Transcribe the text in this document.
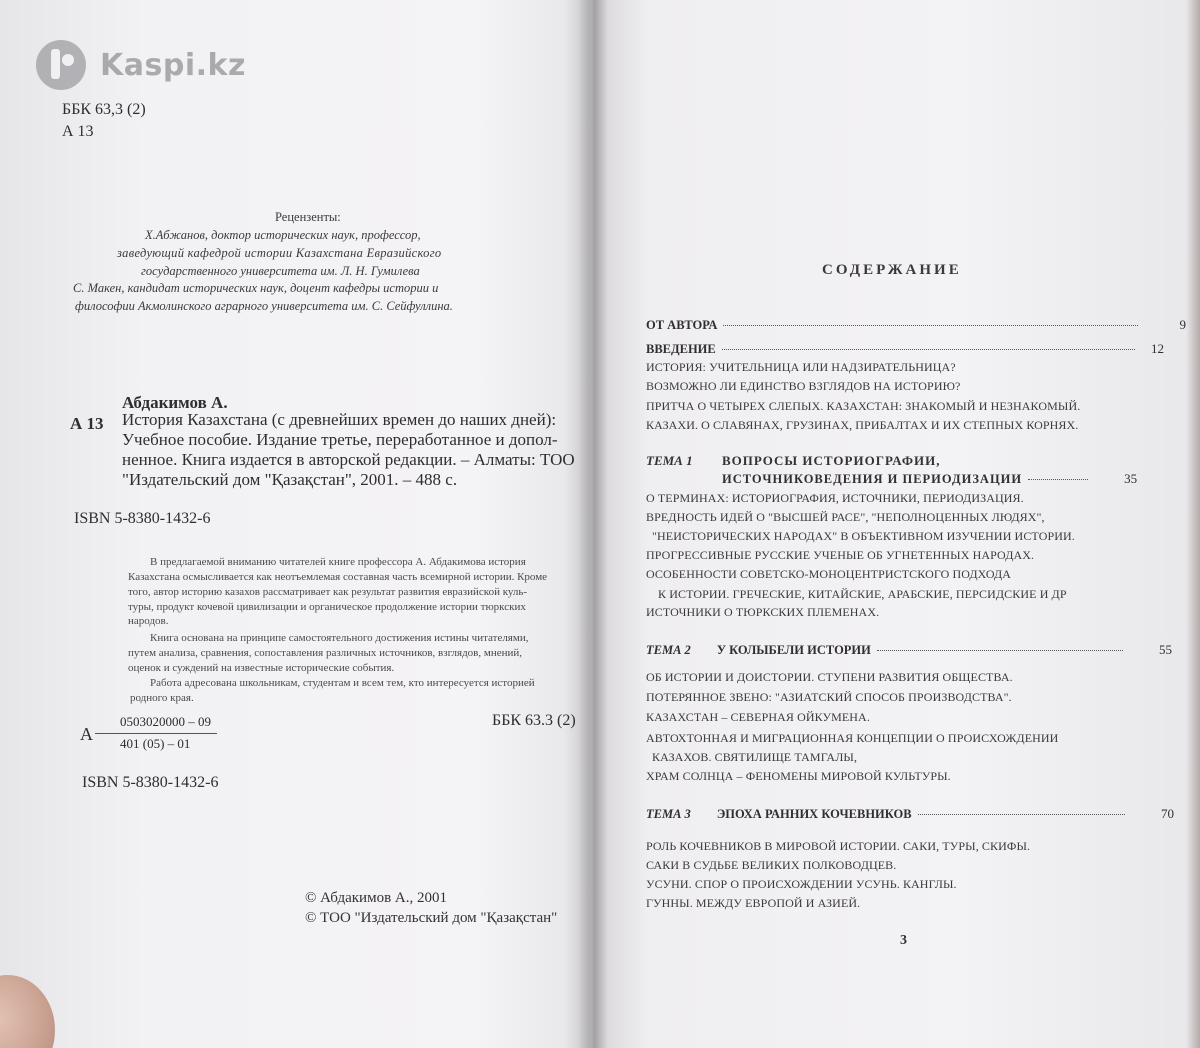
Kaspi.kz
ББК 63,3 (2)
А 13
Рецензенты:
Х.Абжанов, доктор исторических наук, профессор,
заведующий кафедрой истории Казахстана Евразийского
государственного университета им. Л. Н. Гумилева
С. Макен, кандидат исторических наук, доцент кафедры истории и
философии Акмолинского аграрного университета им. С. Сейфуллина.
Абдакимов А.
А 13 История Казахстана (с древнейших времен до наших дней):
Учебное пособие. Издание третье, переработанное и допол-
ненное. Книга издается в авторской редакции. – Алматы: ТОО
"Издательский дом "Қазақстан", 2001. – 488 с.
ISBN 5-8380-1432-6
В предлагаемой вниманию читателей книге профессора А. Абдакимова история
Казахстана осмысливается как неотъемлемая составная часть всемирной истории. Кроме
того, автор историю казахов рассматривает как результат развития евразийской куль-
туры, продукт кочевой цивилизации и органическое продолжение истории тюркских
народов.
Книга основана на принципе самостоятельного достижения истины читателями,
путем анализа, сравнения, сопоставления различных источников, взглядов, мнений,
оценок и суждений на известные исторические события.
Работа адресована школьникам, студентам и всем тем, кто интересуется историей
родного края.
А
0503020000 – 09
401 (05) – 01
ББК 63.3 (2)
ISBN 5-8380-1432-6
© Абдакимов А., 2001
© ТОО "Издательский дом "Қазақстан"
СОДЕРЖАНИЕ
ОТ АВТОРА	9
ВВЕДЕНИЕ	12
ИСТОРИЯ: УЧИТЕЛЬНИЦА ИЛИ НАДЗИРАТЕЛЬНИЦА?
ВОЗМОЖНО ЛИ ЕДИНСТВО ВЗГЛЯДОВ НА ИСТОРИЮ?
ПРИТЧА О ЧЕТЫРЕХ СЛЕПЫХ. КАЗАХСТАН: ЗНАКОМЫЙ И НЕЗНАКОМЫЙ.
КАЗАХИ. О СЛАВЯНАХ, ГРУЗИНАХ, ПРИБАЛТАХ И ИХ СТЕПНЫХ КОРНЯХ.
ТЕМА 1 ВОПРОСЫ ИСТОРИОГРАФИИ,
ИСТОЧНИКОВЕДЕНИЯ И ПЕРИОДИЗАЦИИ	35
О ТЕРМИНАХ: ИСТОРИОГРАФИЯ, ИСТОЧНИКИ, ПЕРИОДИЗАЦИЯ.
ВРЕДНОСТЬ ИДЕЙ О "ВЫСШЕЙ РАСЕ", "НЕПОЛНОЦЕННЫХ ЛЮДЯХ",
"НЕИСТОРИЧЕСКИХ НАРОДАХ" В ОБЪЕКТИВНОМ ИЗУЧЕНИИ ИСТОРИИ.
ПРОГРЕССИВНЫЕ РУССКИЕ УЧЕНЫЕ ОБ УГНЕТЕННЫХ НАРОДАХ.
ОСОБЕННОСТИ СОВЕТСКО-МОНОЦЕНТРИСТСКОГО ПОДХОДА
К ИСТОРИИ. ГРЕЧЕСКИЕ, КИТАЙСКИЕ, АРАБСКИЕ, ПЕРСИДСКИЕ И ДР
ИСТОЧНИКИ О ТЮРКСКИХ ПЛЕМЕНАХ.
ТЕМА 2 У КОЛЫБЕЛИ ИСТОРИИ	55
ОБ ИСТОРИИ И ДОИСТОРИИ. СТУПЕНИ РАЗВИТИЯ ОБЩЕСТВА.
ПОТЕРЯННОЕ ЗВЕНО: "АЗИАТСКИЙ СПОСОБ ПРОИЗВОДСТВА".
КАЗАХСТАН – СЕВЕРНАЯ ОЙКУМЕНА.
АВТОХТОННАЯ И МИГРАЦИОННАЯ КОНЦЕПЦИИ О ПРОИСХОЖДЕНИИ
КАЗАХОВ. СВЯТИЛИЩЕ ТАМГАЛЫ,
ХРАМ СОЛНЦА – ФЕНОМЕНЫ МИРОВОЙ КУЛЬТУРЫ.
ТЕМА 3 ЭПОХА РАННИХ КОЧЕВНИКОВ	70
РОЛЬ КОЧЕВНИКОВ В МИРОВОЙ ИСТОРИИ. САКИ, ТУРЫ, СКИФЫ.
САКИ В СУДЬБЕ ВЕЛИКИХ ПОЛКОВОДЦЕВ.
УСУНИ. СПОР О ПРОИСХОЖДЕНИИ УСУНЬ. КАНГЛЫ.
ГУННЫ. МЕЖДУ ЕВРОПОЙ И АЗИЕЙ.
3
